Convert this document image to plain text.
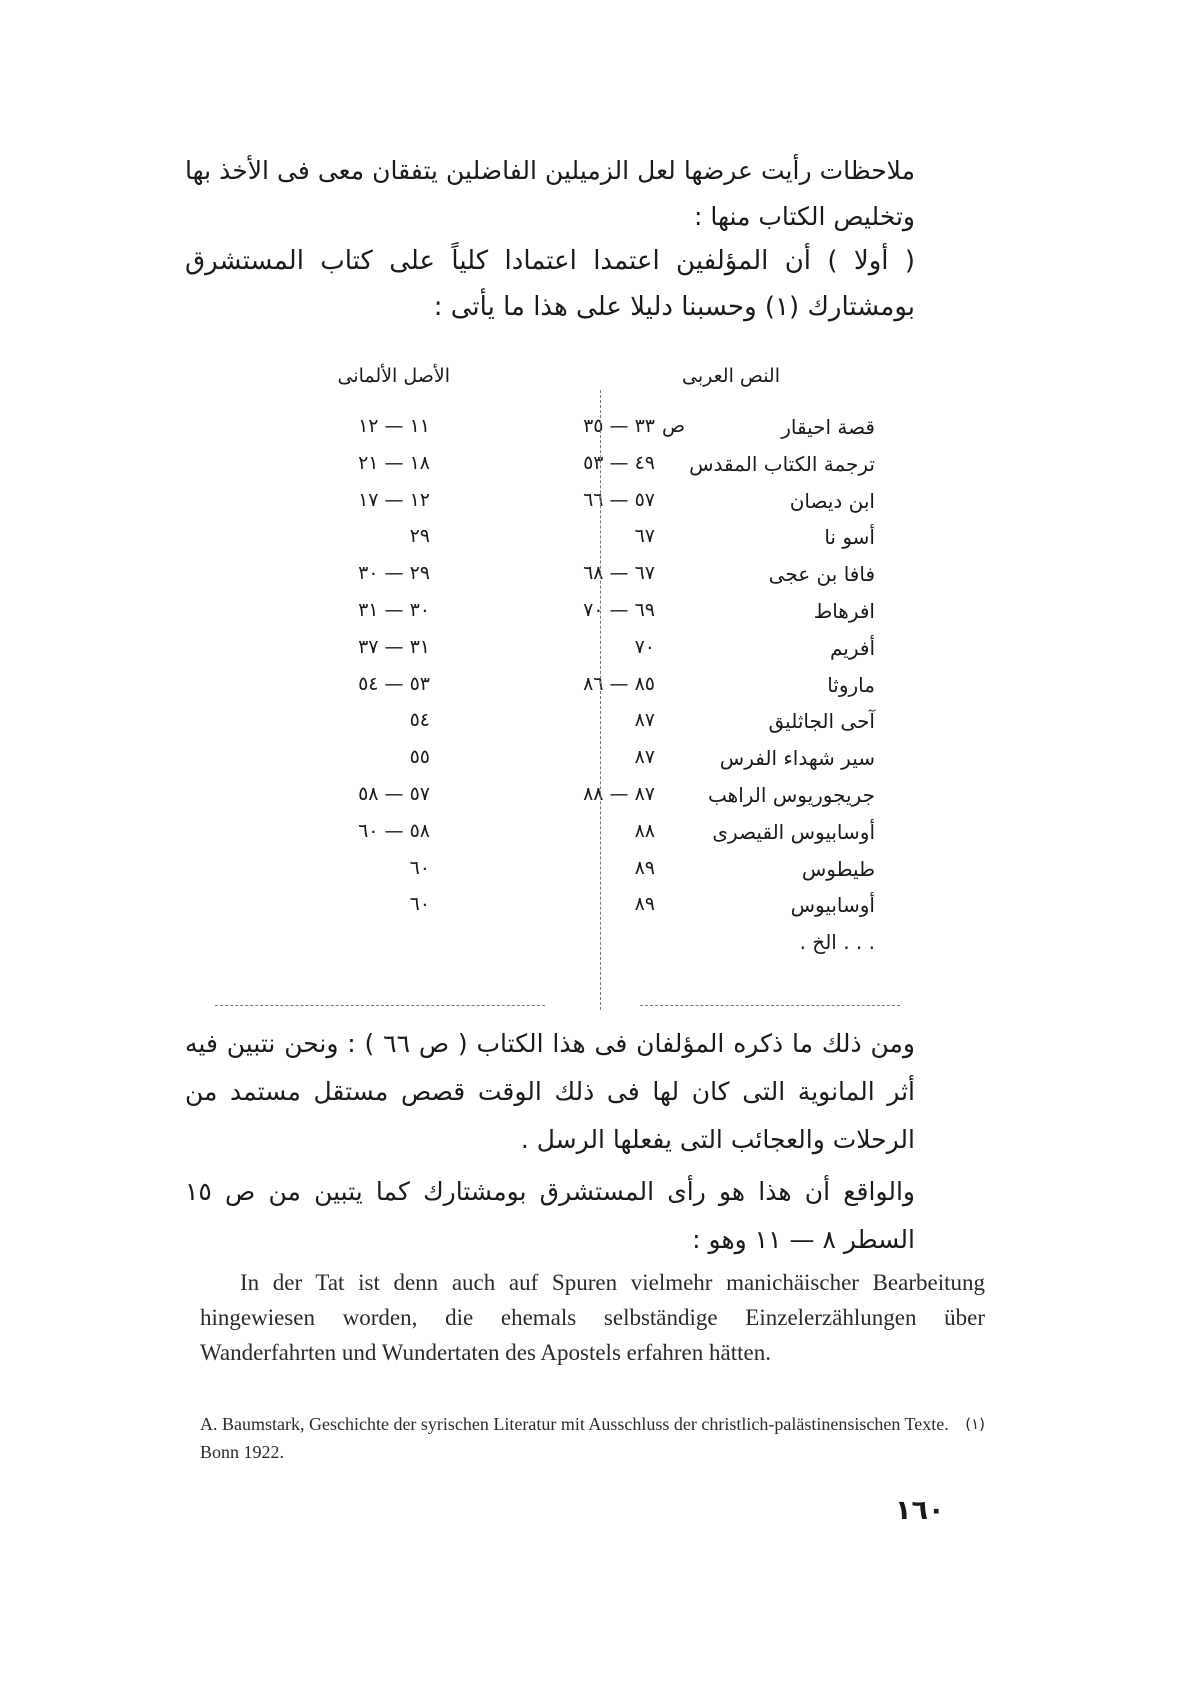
ملاحظات رأيت عرضها لعل الزميلين الفاضلين يتفقان معى فى الأخذ بها
وتخليص الكتاب منها :
( أولا ) أن المؤلفين اعتمدا اعتمادا كلياً على كتاب المستشرق
بومشتارك (١) وحسبنا دليلا على هذا ما يأتى :
النص العربى
الأصل الألمانى
قصة احيقار
ص
٣٣ — ٣٥
١١ — ١٢
ترجمة الكتاب المقدس
٤٩ — ٥٣
١٨ — ٢١
ابن ديصان
٥٧ — ٦٦
١٢ — ١٧
أسو نا
٦٧
٢٩
فافا بن عجى
٦٧ — ٦٨
٢٩ — ٣٠
افرهاط
٦٩ — ٧٠
٣٠ — ٣١
أفريم
٧٠
٣١ — ٣٧
ماروثا
٨٥ — ٨٦
٥٣ — ٥٤
آحى الجاثليق
٨٧
٥٤
سير شهداء الفرس
٨٧
٥٥
جريجوريوس الراهب
٨٧ — ٨٨
٥٧ — ٥٨
أوسابيوس القيصرى
٨٨
٥٨ — ٦٠
طيطوس
٨٩
٦٠
أوسابيوس
٨٩
٦٠
. . . الخ .
ومن ذلك ما ذكره المؤلفان فى هذا الكتاب ( ص ٦٦ ) : ونحن نتبين فيه أثر المانوية التى كان لها فى ذلك الوقت قصص مستقل مستمد من الرحلات والعجائب التى يفعلها الرسل .
والواقع أن هذا هو رأى المستشرق بومشتارك كما يتبين من ص ١٥ السطر ٨ — ١١ وهو :
In der Tat ist denn auch auf Spuren vielmehr manichäischer Bearbeitung hingewiesen worden, die ehemals selbständige Einzelerzählungen über Wanderfahrten und Wundertaten des Apostels erfahren hätten.
(١)
A. Baumstark, Geschichte der syrischen Literatur mit Ausschluss der christlich-palästinensischen Texte. Bonn 1922.
١٦٠
